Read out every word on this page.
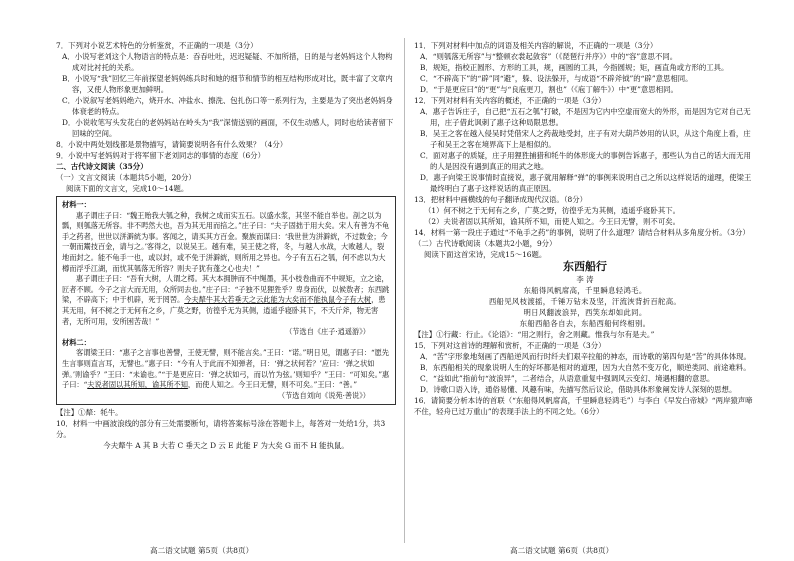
7．下列对小说艺术特色的分析鉴赏，不正确的一项是（3分）

A．小说写老刘这个人物语言的特点是：吞吞吐吐，迟迟疑疑、不加所措，日的是与老妈妈这个人物构成对比衬托的关系。

B．小说写“我”回忆三年前探望老妈妈练兵时和她的细节和情节的相互结构形成对比，既丰富了文章内容，又使人物形象更加鲜明。

C．小说叙写老妈妈绝六，烧开水、冲盐水、擦洗、包扎伤口等一系列行为，主要是为了突出老妈妈身体衰老的特点。

D．小说收笔写头发花白的老妈妈站在岭头为“我”深情送别的画面，不仅生动感人，同时也给读者留下回味的空间。

8．小说中两处划线都是景物描写，请简要说明各有什么效果？（4分）

9．小说中写老妈妈对于将军留下老刘同志的事情的态度（6分）

二、古代诗文阅读（35分）

（一）文言文阅读（本题共5小题，20分）

阅读下面的文言文，完成10～14题。

材料一：

惠子谓庄子曰：“魏王贻我大瓠之种，我树之成而实五石。以盛水浆，其坚不能自举也。剖之以为瓢，则瓠落无所容。非不呺然大也，吾为其无用而掊之。”庄子曰：“夫子固拙于用大矣。宋人有善为不龟手之药者，世世以洴澼絖为事。客闻之，请买其方百金。聚族而谋曰：‘我世世为洴澼絖，不过数金；今一朝而鬻技百金，请与之。’客得之，以说吴王。越有难，吴王使之将，冬，与越人水战，大败越人，裂地而封之。能不龟手一也，或以封，或不免于洴澼絖，则所用之异也。今子有五石之瓠，何不虑以为大樽而浮乎江湖，而忧其瓠落无所容？则夫子犹有蓬之心也夫！”

惠子谓庄子曰：“吾有大树，人谓之樗。其大本拥肿而不中绳墨，其小枝卷曲而不中规矩，立之途，匠者不顾。今子之言大而无用，众所同去也。”庄子曰：“子独不见狸狌乎？卑身而伏，以候敖者；东西跳梁，不辟高下；中于机辟，死于罔罟。今夫犛牛其大若垂天之云此能为大矣而不能执鼠今子有大树，患其无用，何不树之于无何有之乡，广莫之野，彷徨乎无为其侧，逍遥乎寝卧其下，不夭斤斧，物无害者，无所可用，安所困苦哉！”

（节选自《庄子·逍遥游》）

材料二：

客谓梁王曰：“惠子之言事也善譬，王使无譬，则不能言矣。”王曰：“诺。”明日见，谓惠子曰：“愿先生言事则直言耳，无譬也。”惠子曰：“今有人于此而不知弹者，曰：‘弹之状何若？’应曰：‘弹之状如弹。’则谕乎？”王曰：“未谕也。”“于是更应曰：‘弹之状如弓，而以竹为弦。’则知乎？”王曰：“可知矣。”惠子曰：“夫说者固以其所知，谕其所不知，而使人知之。今王曰无譬，则不可矣。”王曰：“善。”

（节选自刘向《说苑·善说》）

【注】①犛：牦牛。

10．材料一中画波浪线的部分有三处需要断句，请将答案标号涂在答题卡上，每答对一处给1分，共3分。

今夫犛牛 A 其 B 大若 C 垂天之 D 云 E 此能 F 为大矣 G 而不 H 能执鼠。

11．下列对材料中加点的词语及相关内容的解说，不正确的一项是（3分）

A．“则瓠落无所容”与“整顿衣裳起敛容”（《琵琶行并序》）中的“容”意思不同。

B．规矩，指校正圆形、方形的工具，规，画圆的工具，今指圆规；矩，画直角或方形的工具。

C．“不辟高下”的“辟”同“避”，躲、设法躲开，与成语“不辟斧钺”的“辟”意思相同。

D．“于是更应曰”的“更”与“良庖更刀，割也”（《庖丁解牛》）中“更”意思相同。

12．下列对材料有关内容的概述，不正确的一项是（3分）

A．惠子告诉庄子，自己把“五石之瓠”打破，不是因为它内中空虚而宽大的外形，而是因为它对自己无用，庄子借此讽刺了惠子这种局限思想。

B．吴王之客在越入侵吴时凭借宋人之药裁地受封，庄子有对大葫芦妙用的认识，从这个角度上看，庄子和吴王之客在境界高下上是相似的。

C．面对惠子的质疑，庄子用狸狌捕猎和牦牛的体形庞大的事例告诉惠子，那些认为自己的话大而无用的人是因没有遇到真正的用武之地。

D．惠子向梁王说事情时直接说，惠子就用解释“弹”的事例来说明自己之所以这样说话的道理，使梁王最终明白了惠子这样说话的真正原因。

13．把材料中画横线的句子翻译成现代汉语。（8分）

（1）何不树之于无何有之乡，广莫之野，彷徨乎无为其侧，逍遥乎寝卧其下。

（2）夫说者固以其所知，谕其所不知，而使人知之。今王曰无譬，则不可矣。

14．材料一第一段庄子通过“不龟手之药”的事例，说明了什么道理？请结合材料从多角度分析。（3分）

（二）古代诗歌阅读（本题共2小题，9分）

阅读下面这首宋诗，完成15～16题。

东西船行

李 涛

东船得风帆席高，千里瞬息轻鸿毛。

西船见风枝渡摇，千锤万钻未及坚，汗流浹背折百舵高。

明日风翻波浪异，西笑东却如此同。

东船西船各自去，东船西船何终相别。

【注】①行藏：行止。《论语》：“用之则行，舍之则藏。惟我与尔有是夫。”

15．下列对这首诗的理解和赏析，不正确的一项是（3分）

A．“苦”字形象地刻画了西船逆风而行时纤夫们艰辛拉船的神态，而诗歌的第四句是“苦”的具体体现。

B．东西船相关的现象说明人生的好坏都是相对的道理，因为大自然不变万化，顺逆类同、前途难料。

C．“益如此”指前句“波浪异”，二者结合，从语意重复中强调风云变幻、境遇相翻的意思。

D．诗歌口语入诗，通俗易懂、风趣有味，先描写然后议论，借助具体形象阐发诗人深刻的思想。

16．请简要分析本诗的首联（“东船得风帆席高，千里瞬息轻鸿毛”）与李白《早发白帝城》“两岸猿声啼不住，轻舟已过万重山”的表现手法上的不同之处。（6分）

高二语文试题 第5页（共8页）	高二语文试题 第6页（共8页）
